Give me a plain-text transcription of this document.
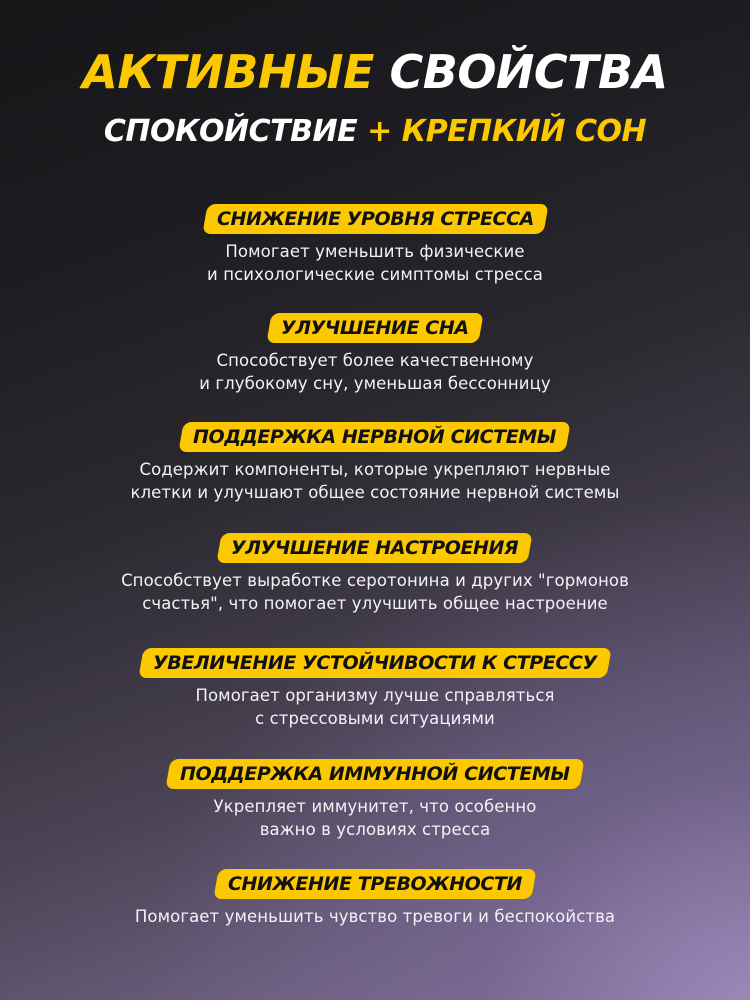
АКТИВНЫЕ СВОЙСТВА
СПОКОЙСТВИЕ + КРЕПКИЙ СОН
СНИЖЕНИЕ УРОВНЯ СТРЕССА
Помогает уменьшить физические
и психологические симптомы стресса
УЛУЧШЕНИЕ СНА
Способствует более качественному
и глубокому сну, уменьшая бессонницу
ПОДДЕРЖКА НЕРВНОЙ СИСТЕМЫ
Содержит компоненты, которые укрепляют нервные
клетки и улучшают общее состояние нервной системы
УЛУЧШЕНИЕ НАСТРОЕНИЯ
Способствует выработке серотонина и других "гормонов
счастья", что помогает улучшить общее настроение
УВЕЛИЧЕНИЕ УСТОЙЧИВОСТИ К СТРЕССУ
Помогает организму лучше справляться
с стрессовыми ситуациями
ПОДДЕРЖКА ИММУННОЙ СИСТЕМЫ
Укрепляет иммунитет, что особенно
важно в условиях стресса
СНИЖЕНИЕ ТРЕВОЖНОСТИ
Помогает уменьшить чувство тревоги и беспокойства
